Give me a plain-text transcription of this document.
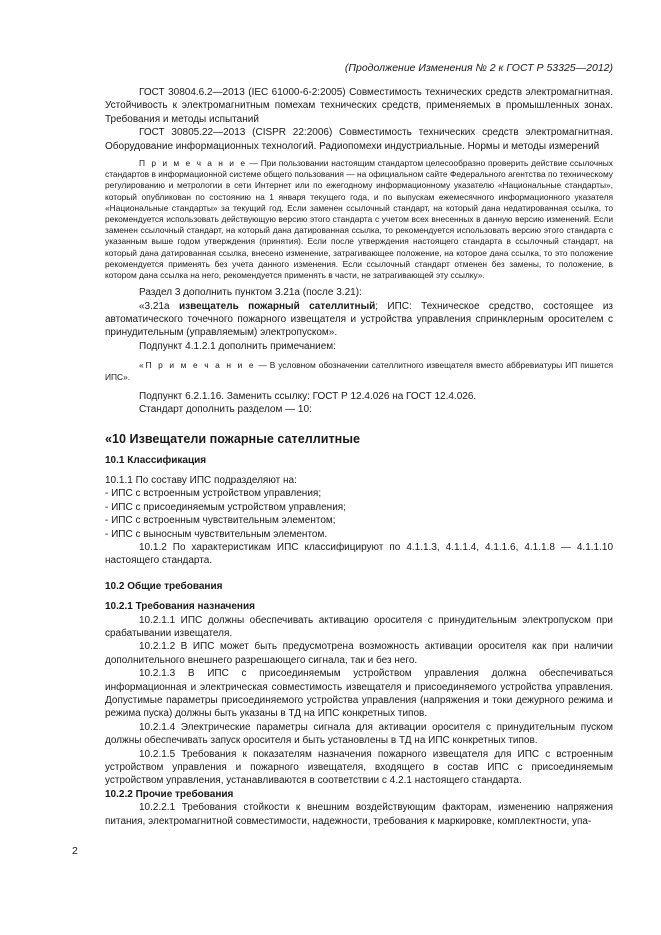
(Продолжение Изменения № 2 к ГОСТ Р 53325—2012)

ГОСТ 30804.6.2—2013 (IEC 61000-6-2:2005) Совместимость технических средств электромагнитная. Устойчивость к электромагнитным помехам технических средств, применяемых в промышленных зонах. Требования и методы испытаний

ГОСТ 30805.22—2013 (CISPR 22:2006) Совместимость технических средств электромагнитная. Оборудование информационных технологий. Радиопомехи индустриальные. Нормы и методы измерений

П р и м е ч а н и е — При пользовании настоящим стандартом целесообразно проверить действие ссылочных стандартов в информационной системе общего пользования — на официальном сайте Федерального агентства по техническому регулированию и метрологии в сети Интернет или по ежегодному информационному указателю «Национальные стандарты», который опубликован по состоянию на 1 января текущего года, и по выпускам ежемесячного информационного указателя «Национальные стандарты» за текущий год. Если заменен ссылочный стандарт, на который дана недатированная ссылка, то рекомендуется использовать действующую версию этого стандарта с учетом всех внесенных в данную версию изменений. Если заменен ссылочный стандарт, на который дана датированная ссылка, то рекомендуется использовать версию этого стандарта с указанным выше годом утверждения (принятия). Если после утверждения настоящего стандарта в ссылочный стандарт, на который дана датированная ссылка, внесено изменение, затрагивающее положение, на которое дана ссылка, то это положение рекомендуется применять без учета данного изменения. Если ссылочный стандарт отменен без замены, то положение, в котором дана ссылка на него, рекомендуется применять в части, не затрагивающей эту ссылку».

Раздел 3 дополнить пунктом 3.21а (после 3.21):

«3.21а извещатель пожарный сателлитный; ИПС: Техническое средство, состоящее из автоматического точечного пожарного извещателя и устройства управления спринклерным оросителем с принудительным (управляемым) электропуском».

Подпункт 4.1.2.1 дополнить примечанием:

«П р и м е ч а н и е — В условном обозначении сателлитного извещателя вместо аббревиатуры ИП пишется ИПС».

Подпункт 6.2.1.16. Заменить ссылку: ГОСТ Р 12.4.026 на ГОСТ 12.4.026.

Стандарт дополнить разделом — 10:

«10 Извещатели пожарные сателлитные

10.1 Классификация

10.1.1 По составу ИПС подразделяют на:

- ИПС с встроенным устройством управления;

- ИПС с присоединяемым устройством управления;

- ИПС с встроенным чувствительным элементом;

- ИПС с выносным чувствительным элементом.

10.1.2 По характеристикам ИПС классифицируют по 4.1.1.3, 4.1.1.4, 4.1.1.6, 4.1.1.8 — 4.1.1.10 настоящего стандарта.

10.2 Общие требования

10.2.1 Требования назначения

10.2.1.1 ИПС должны обеспечивать активацию оросителя с принудительным электропуском при срабатывании извещателя.

10.2.1.2 В ИПС может быть предусмотрена возможность активации оросителя как при наличии дополнительного внешнего разрешающего сигнала, так и без него.

10.2.1.3 В ИПС с присоединяемым устройством управления должна обеспечиваться информационная и электрическая совместимость извещателя и присоединяемого устройства управления. Допустимые параметры присоединяемого устройства управления (напряжения и токи дежурного режима и режима пуска) должны быть указаны в ТД на ИПС конкретных типов.

10.2.1.4 Электрические параметры сигнала для активации оросителя с принудительным пуском должны обеспечивать запуск оросителя и быть установлены в ТД на ИПС конкретных типов.

10.2.1.5 Требования к показателям назначения пожарного извещателя для ИПС с встроенным устройством управления и пожарного извещателя, входящего в состав ИПС с присоединяемым устройством управления, устанавливаются в соответствии с 4.2.1 настоящего стандарта.

10.2.2 Прочие требования

10.2.2.1 Требования стойкости к внешним воздействующим факторам, изменению напряжения питания, электромагнитной совместимости, надежности, требования к маркировке, комплектности, упа-

2
